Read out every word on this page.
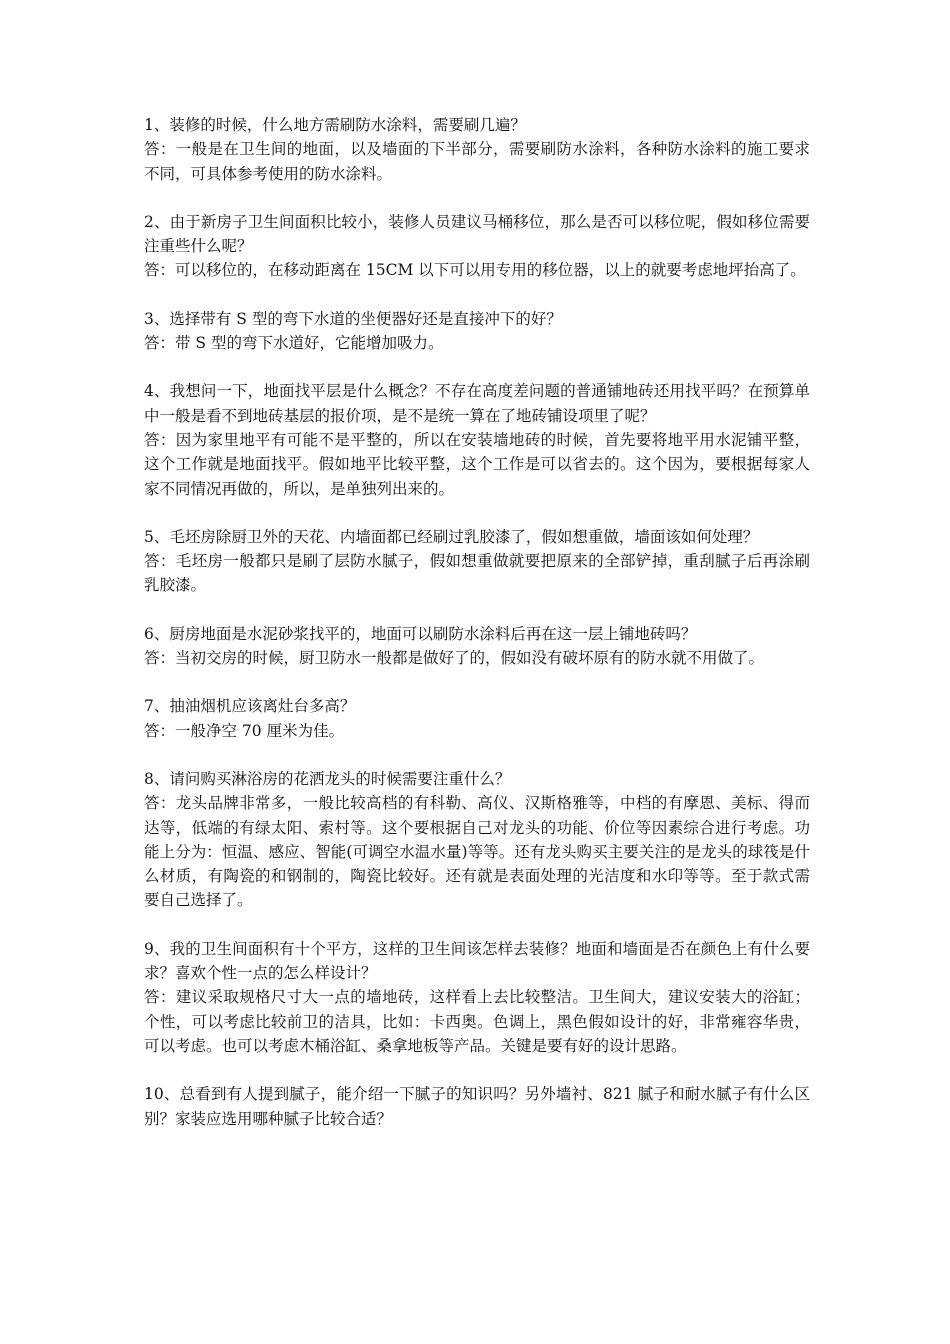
1、装修的时候，什么地方需刷防水涂料，需要刷几遍？

答：一般是在卫生间的地面，以及墙面的下半部分，需要刷防水涂料，各种防水涂料的施工要求不同，可具体参考使用的防水涂料。

2、由于新房子卫生间面积比较小，装修人员建议马桶移位，那么是否可以移位呢，假如移位需要注重些什么呢？

答：可以移位的，在移动距离在 15CM 以下可以用专用的移位器，以上的就要考虑地坪抬高了。

3、选择带有 S 型的弯下水道的坐便器好还是直接冲下的好？

答：带 S 型的弯下水道好，它能增加吸力。

4、我想问一下，地面找平层是什么概念？不存在高度差问题的普通铺地砖还用找平吗？在预算单中一般是看不到地砖基层的报价项，是不是统一算在了地砖铺设项里了呢？

答：因为家里地平有可能不是平整的，所以在安装墙地砖的时候，首先要将地平用水泥铺平整，这个工作就是地面找平。假如地平比较平整，这个工作是可以省去的。这个因为，要根据每家人家不同情况再做的，所以，是单独列出来的。

5、毛坯房除厨卫外的天花、内墙面都已经刷过乳胶漆了，假如想重做，墙面该如何处理？

答：毛坯房一般都只是刷了层防水腻子，假如想重做就要把原来的全部铲掉，重刮腻子后再涂刷乳胶漆。

6、厨房地面是水泥砂浆找平的，地面可以刷防水涂料后再在这一层上铺地砖吗？

答：当初交房的时候，厨卫防水一般都是做好了的，假如没有破坏原有的防水就不用做了。

7、抽油烟机应该离灶台多高？

答：一般净空 70 厘米为佳。

8、请问购买淋浴房的花洒龙头的时候需要注重什么？

答：龙头品牌非常多，一般比较高档的有科勒、高仪、汉斯格雅等，中档的有摩恩、美标、得而达等，低端的有绿太阳、索村等。这个要根据自己对龙头的功能、价位等因素综合进行考虑。功能上分为：恒温、感应、智能(可调空水温水量)等等。还有龙头购买主要关注的是龙头的球筏是什么材质，有陶瓷的和钢制的，陶瓷比较好。还有就是表面处理的光洁度和水印等等。至于款式需要自己选择了。

9、我的卫生间面积有十个平方，这样的卫生间该怎样去装修？地面和墙面是否在颜色上有什么要求？喜欢个性一点的怎么样设计？

答：建议采取规格尺寸大一点的墙地砖，这样看上去比较整洁。卫生间大，建议安装大的浴缸；个性，可以考虑比较前卫的洁具，比如：卡西奥。色调上，黑色假如设计的好，非常雍容华贵，可以考虑。也可以考虑木桶浴缸、桑拿地板等产品。关键是要有好的设计思路。

10、总看到有人提到腻子，能介绍一下腻子的知识吗？另外墙衬、821 腻子和耐水腻子有什么区别？家装应选用哪种腻子比较合适？
